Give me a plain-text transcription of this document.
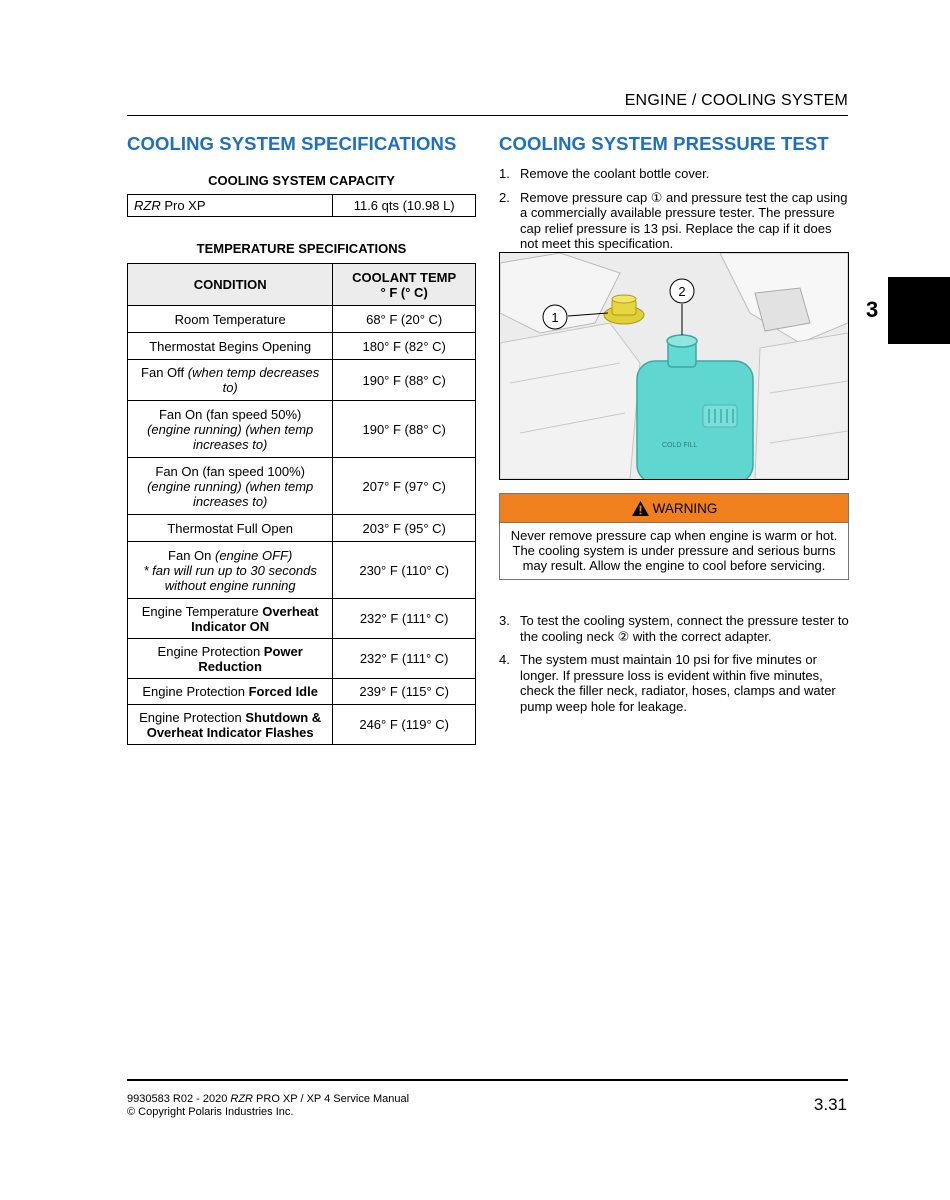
ENGINE / COOLING SYSTEM
3
COOLING SYSTEM SPECIFICATIONS
COOLING SYSTEM CAPACITY
RZR Pro XP	11.6 qts (10.98 L)
TEMPERATURE SPECIFICATIONS
CONDITION	COOLANT TEMP
° F (° C)

Room Temperature	68° F (20° C)
Thermostat Begins Opening	180° F (82° C)
Fan Off (when temp decreases to)	190° F (88° C)
Fan On (fan speed 50%)
(engine running) (when temp increases to)	190° F (88° C)
Fan On (fan speed 100%)
(engine running) (when temp increases to)	207° F (97° C)
Thermostat Full Open	203° F (95° C)
Fan On (engine OFF)
* fan will run up to 30 seconds without engine running	230° F (110° C)
Engine Temperature Overheat Indicator ON	232° F (111° C)
Engine Protection Power Reduction	232° F (111° C)
Engine Protection Forced Idle	239° F (115° C)
Engine Protection Shutdown & Overheat Indicator Flashes	246° F (119° C)
COOLING SYSTEM PRESSURE TEST
1. Remove the coolant bottle cover.
2. Remove pressure cap ① and pressure test the cap using a commercially available pressure tester. The pressure cap relief pressure is 13 psi. Replace the cap if it does not meet this specification.
COLD FILL
1
2
WARNING
Never remove pressure cap when engine is warm or hot. The cooling system is under pressure and serious burns may result. Allow the engine to cool before servicing.
3. To test the cooling system, connect the pressure tester to the cooling neck ② with the correct adapter.
4. The system must maintain 10 psi for five minutes or longer. If pressure loss is evident within five minutes, check the filler neck, radiator, hoses, clamps and water pump weep hole for leakage.
9930583 R02 - 2020 RZR PRO XP / XP 4 Service Manual
© Copyright Polaris Industries Inc.	3.31
